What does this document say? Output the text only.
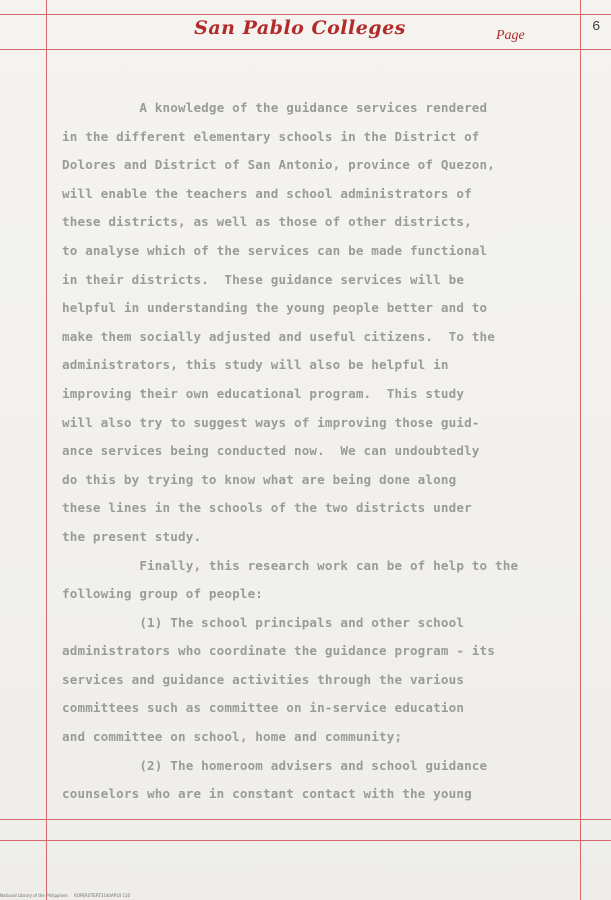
San Pablo Colleges	Page
6
A knowledge of the guidance services rendered
in the different elementary schools in the District of
Dolores and District of San Antonio, province of Quezon,
will enable the teachers and school administrators of
these districts, as well as those of other districts,
to analyse which of the services can be made functional
in their districts.  These guidance services will be
helpful in understanding the young people better and to
make them socially adjusted and useful citizens.  To the
administrators, this study will also be helpful in
improving their own educational program.  This study
will also try to suggest ways of improving those guid-
ance services being conducted now.  We can undoubtedly
do this by trying to know what are being done along
these lines in the schools of the two districts under
the present study.
Finally, this research work can be of help to the
following group of people:
(1) The school principals and other school
administrators who coordinate the guidance program - its
services and guidance activities through the various
committees such as committee on in-service education
and committee on school, home and community;
(2) The homeroom advisers and school guidance
counselors who are in constant contact with the young
National Library of the Philippines     ROPEROTERT3140AP10 110
